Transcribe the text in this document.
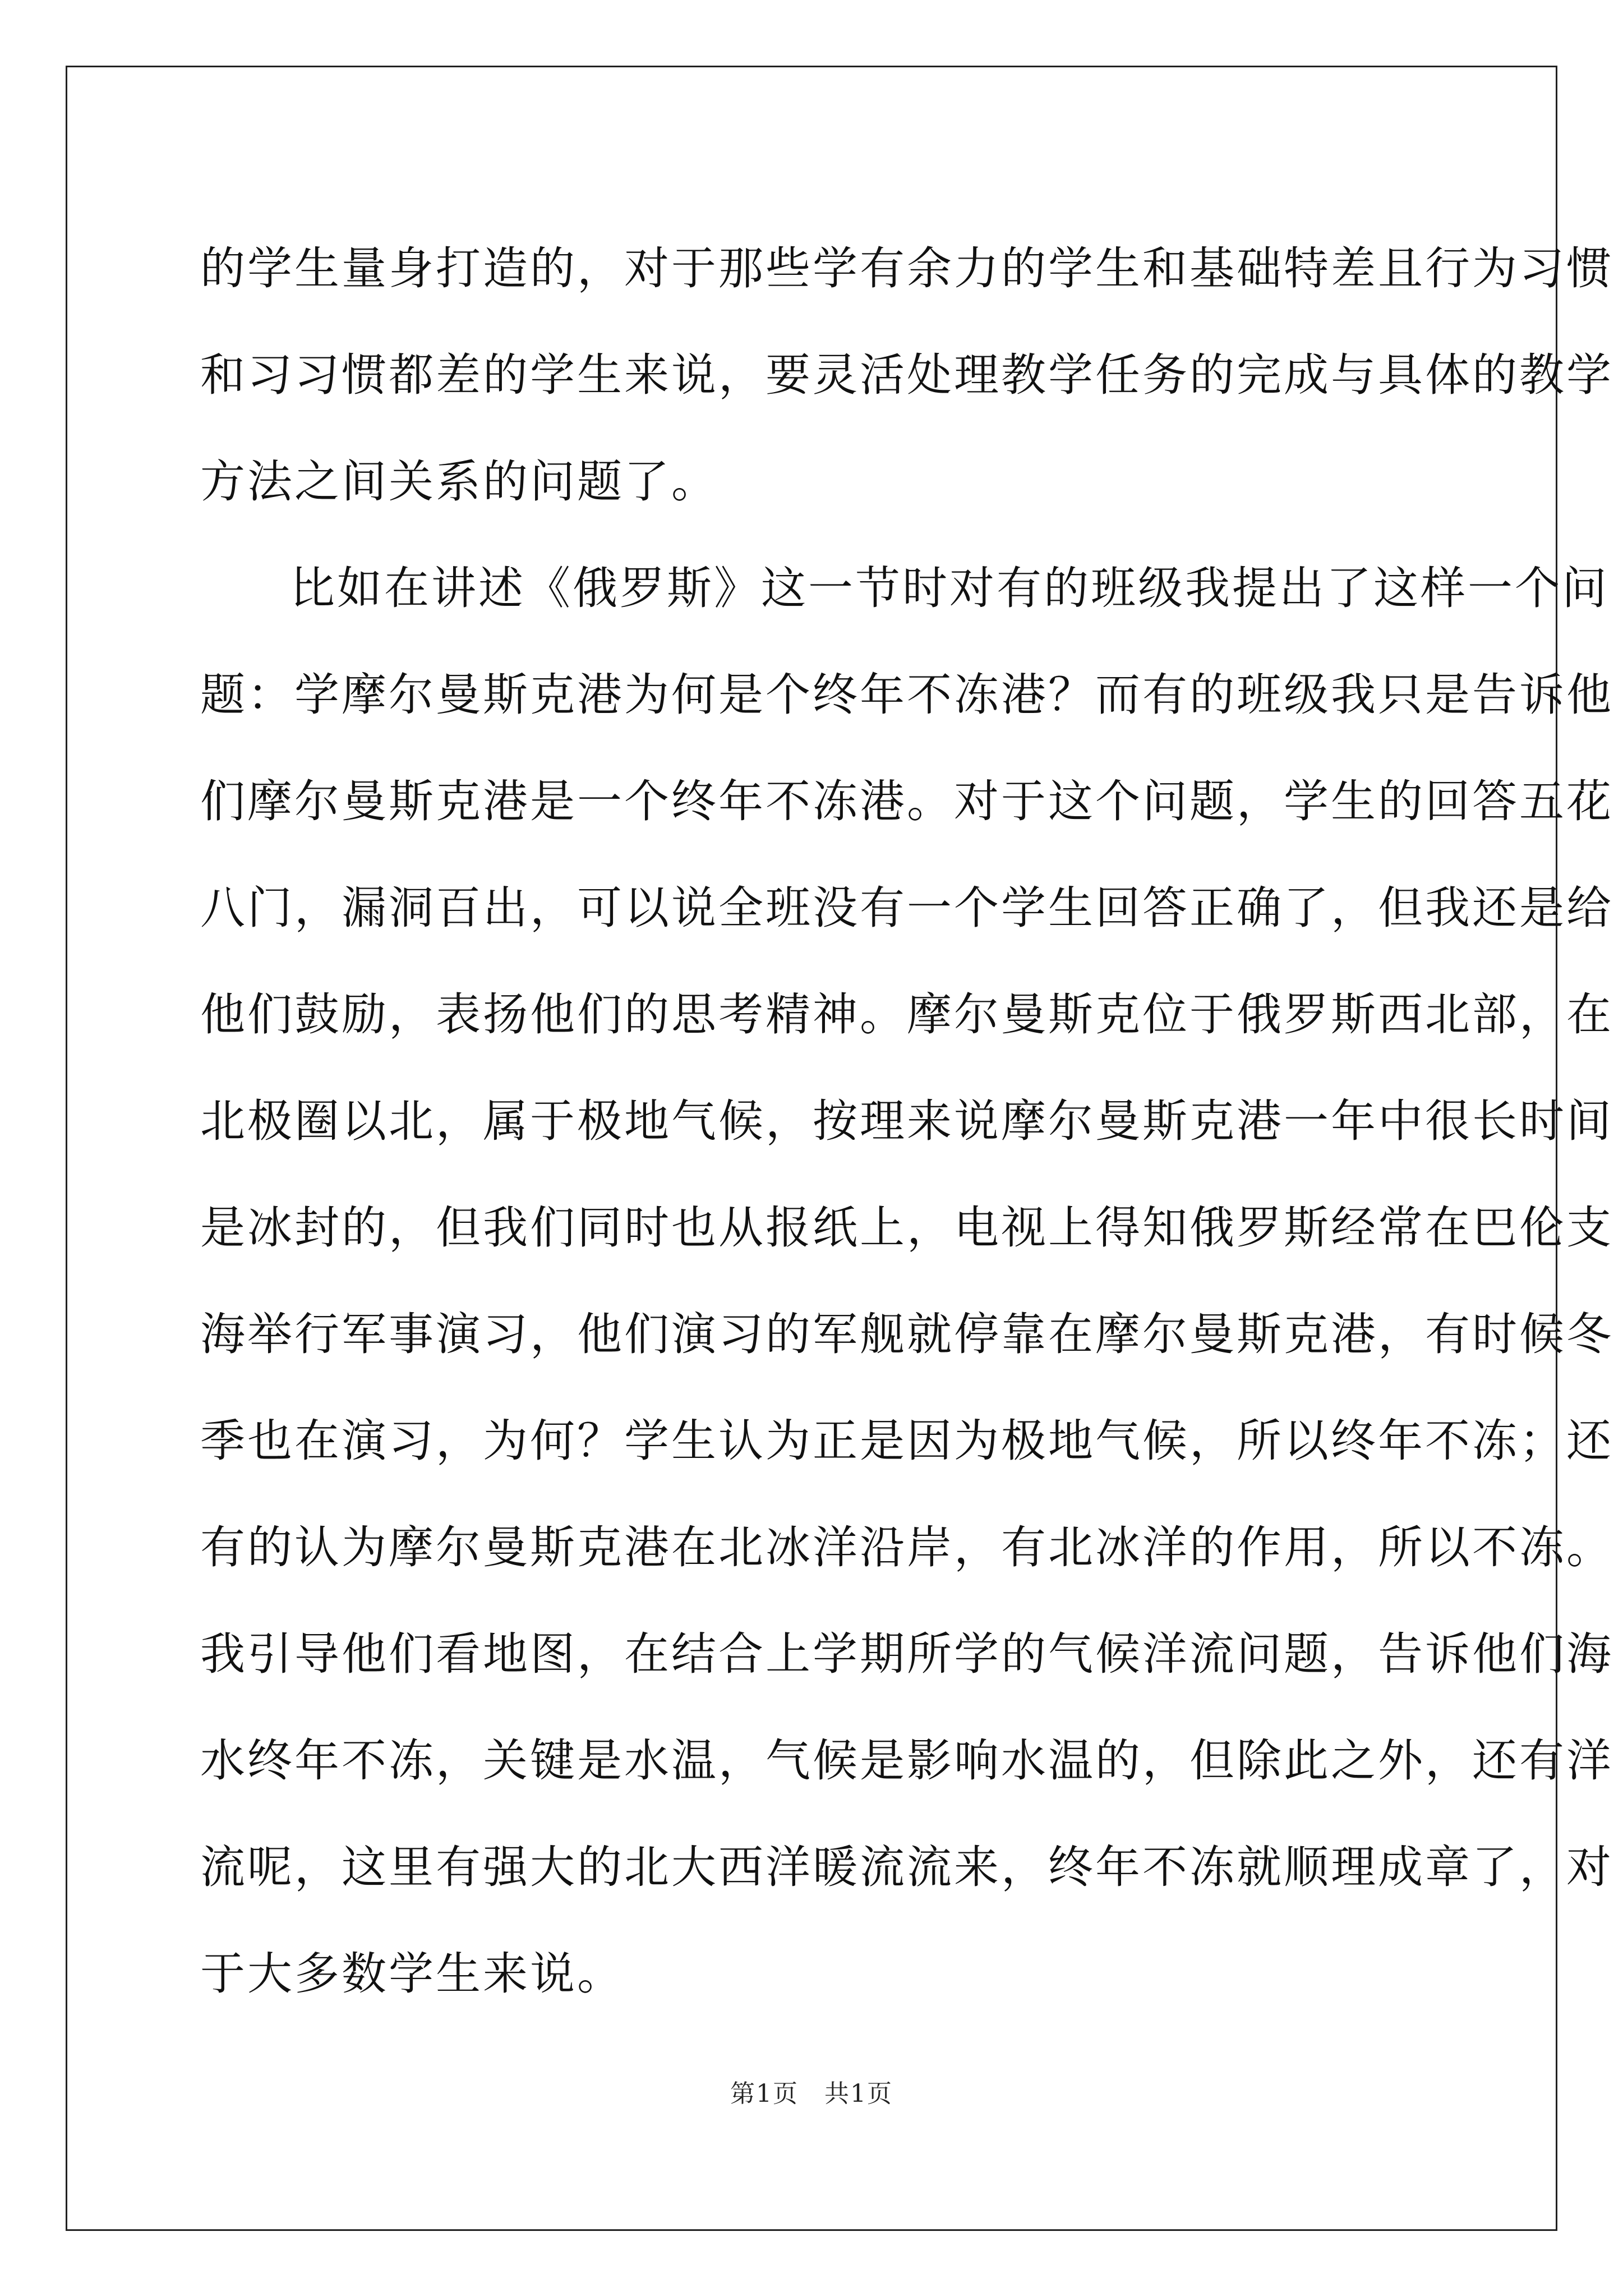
的学生量身打造的，对于那些学有余力的学生和基础特差且行为习惯
和习习惯都差的学生来说，要灵活处理教学任务的完成与具体的教学
方法之间关系的问题了。
比如在讲述《俄罗斯》这一节时对有的班级我提出了这样一个问
题：学摩尔曼斯克港为何是个终年不冻港？而有的班级我只是告诉他
们摩尔曼斯克港是一个终年不冻港。对于这个问题，学生的回答五花
八门，漏洞百出，可以说全班没有一个学生回答正确了，但我还是给
他们鼓励，表扬他们的思考精神。摩尔曼斯克位于俄罗斯西北部，在
北极圈以北，属于极地气候，按理来说摩尔曼斯克港一年中很长时间
是冰封的，但我们同时也从报纸上，电视上得知俄罗斯经常在巴伦支
海举行军事演习，他们演习的军舰就停靠在摩尔曼斯克港，有时候冬
季也在演习，为何？学生认为正是因为极地气候，所以终年不冻；还
有的认为摩尔曼斯克港在北冰洋沿岸，有北冰洋的作用，所以不冻。
我引导他们看地图，在结合上学期所学的气候洋流问题，告诉他们海
水终年不冻，关键是水温，气候是影响水温的，但除此之外，还有洋
流呢，这里有强大的北大西洋暖流流来，终年不冻就顺理成章了，对
于大多数学生来说。
第1页　共1页
